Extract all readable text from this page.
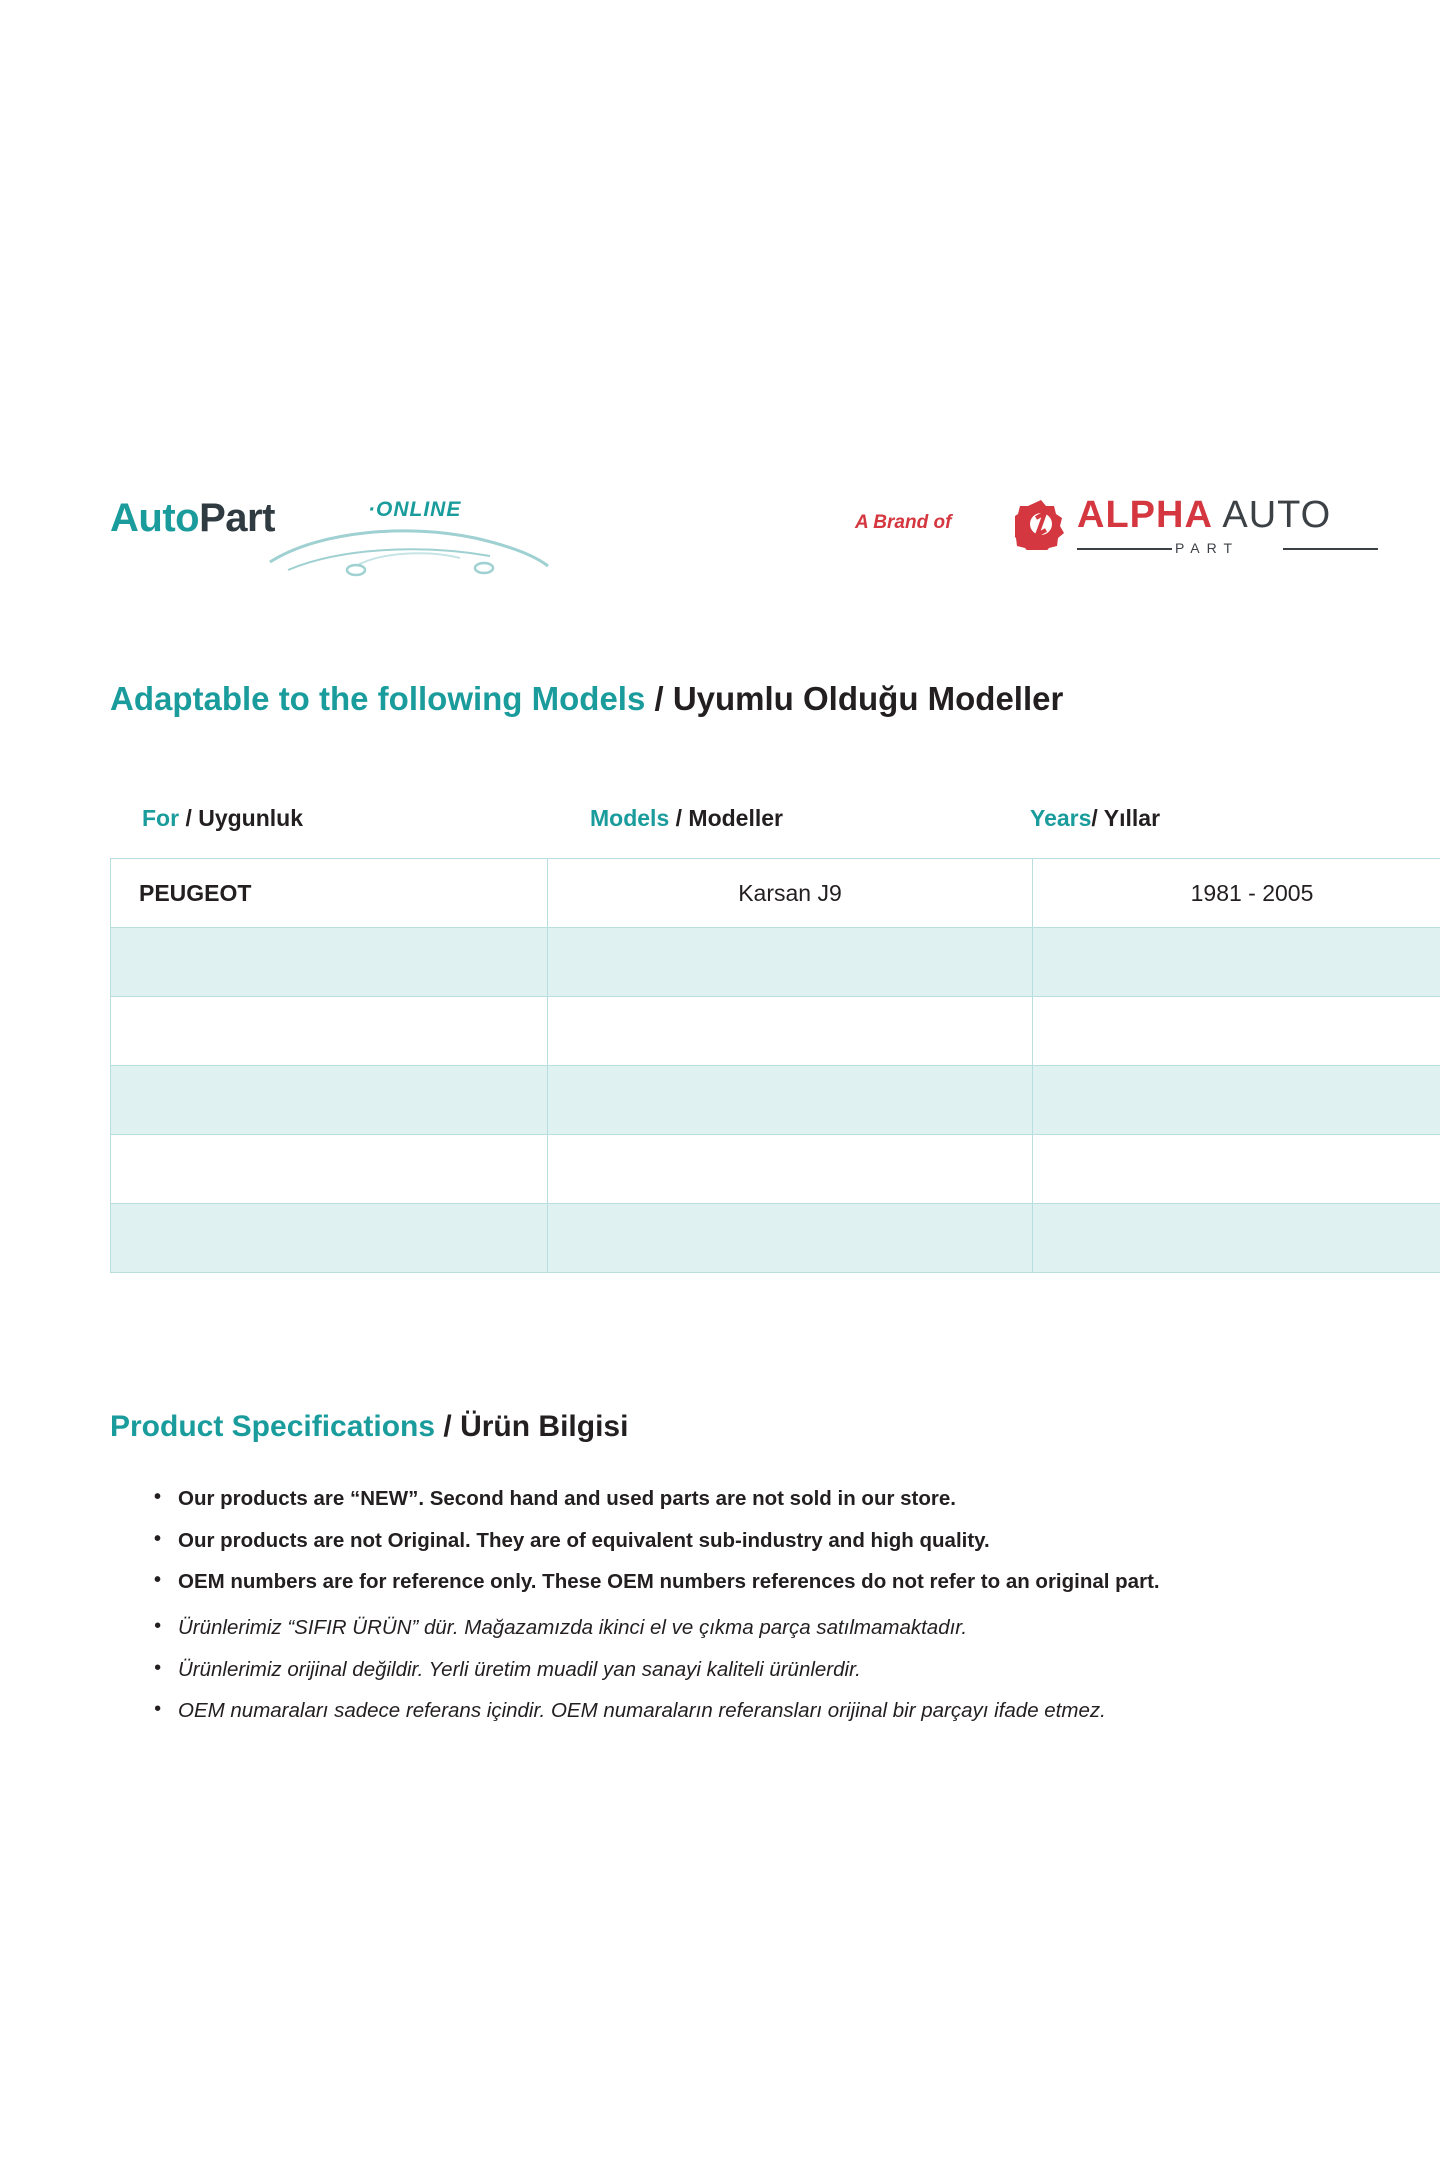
AutoPart	·ONLINE
A Brand of	ALPHA AUTO
PART
Adaptable to the following Models / Uyumlu Olduğu Modeller
For / Uygunluk	Models / Modeller	Years/ Yıllar
PEUGEOT	Karsan J9	1981 - 2005

Product Specifications / Ürün Bilgisi
• Our products are “NEW”. Second hand and used parts are not sold in our store.
• Our products are not Original. They are of equivalent sub-industry and high quality.
• OEM numbers are for reference only. These OEM numbers references do not refer to an original part.
• Ürünlerimiz “SIFIR ÜRÜN” dür. Mağazamızda ikinci el ve çıkma parça satılmamaktadır.
• Ürünlerimiz orijinal değildir. Yerli üretim muadil yan sanayi kaliteli ürünlerdir.
• OEM numaraları sadece referans içindir. OEM numaraların referansları orijinal bir parçayı ifade etmez.
